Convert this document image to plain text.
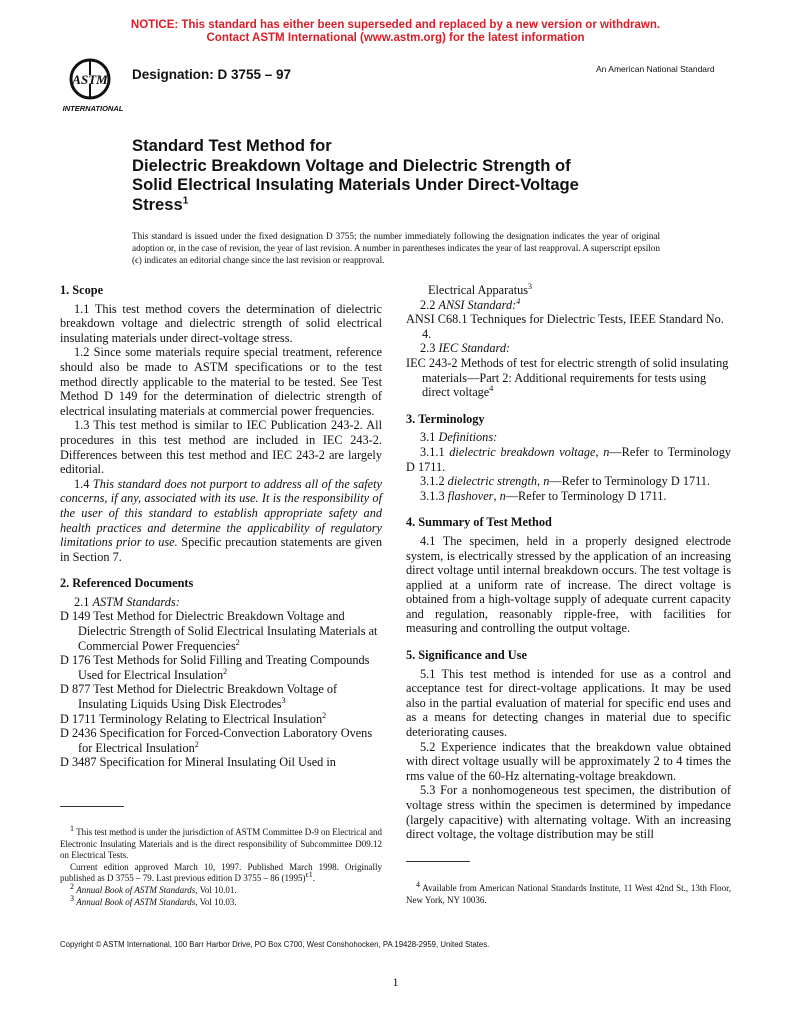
NOTICE: This standard has either been superseded and replaced by a new version or withdrawn.
Contact ASTM International (www.astm.org) for the latest information
ASTM
INTERNATIONAL
Designation: D 3755 – 97	An American National Standard
Standard Test Method for
Dielectric Breakdown Voltage and Dielectric Strength of
Solid Electrical Insulating Materials Under Direct-Voltage
Stress$^1$
This standard is issued under the fixed designation D 3755; the number immediately following the designation indicates the year of original adoption or, in the case of revision, the year of last revision. A number in parentheses indicates the year of last reapproval. A superscript epsilon (ϵ) indicates an editorial change since the last revision or reapproval.
1. Scope

1.1 This test method covers the determination of dielectric breakdown voltage and dielectric strength of solid electrical insulating materials under direct-voltage stress.

1.2 Since some materials require special treatment, reference should also be made to ASTM specifications or to the test method directly applicable to the material to be tested. See Test Method D 149 for the determination of dielectric strength of electrical insulating materials at commercial power frequencies.

1.3 This test method is similar to IEC Publication 243-2. All procedures in this test method are included in IEC 243-2. Differences between this test method and IEC 243-2 are largely editorial.

1.4 This standard does not purport to address all of the safety concerns, if any, associated with its use. It is the responsibility of the user of this standard to establish appropriate safety and health practices and determine the applicability of regulatory limitations prior to use. Specific precaution statements are given in Section 7.

2. Referenced Documents

2.1 ASTM Standards:

D 149 Test Method for Dielectric Breakdown Voltage and Dielectric Strength of Solid Electrical Insulating Materials at Commercial Power Frequencies$^2$

D 176 Test Methods for Solid Filling and Treating Compounds Used for Electrical Insulation$^2$

D 877 Test Method for Dielectric Breakdown Voltage of Insulating Liquids Using Disk Electrodes$^3$

D 1711 Terminology Relating to Electrical Insulation$^2$

D 2436 Specification for Forced-Convection Laboratory Ovens for Electrical Insulation$^2$

D 3487 Specification for Mineral Insulating Oil Used in

$^1$ This test method is under the jurisdiction of ASTM Committee D-9 on Electrical and Electronic Insulating Materials and is the direct responsibility of Subcommittee D09.12 on Electrical Tests.

Current edition approved March 10, 1997. Published March 1998. Originally published as D 3755 – 79. Last previous edition D 3755 – 86 $(1995)^{\epsilon 1}$.

$^2$ Annual Book of ASTM Standards, Vol 10.01.

$^3$ Annual Book of ASTM Standards, Vol 10.03.

Electrical Apparatus$^3$

2.2 ANSI Standard:$^4$

ANSI C68.1 Techniques for Dielectric Tests, IEEE Standard No. 4.

2.3 IEC Standard:

IEC 243-2 Methods of test for electric strength of solid insulating materials—Part 2: Additional requirements for tests using direct voltage$^4$

3. Terminology

3.1 Definitions:

3.1.1 dielectric breakdown voltage, n—Refer to Terminology D 1711.

3.1.2 dielectric strength, n—Refer to Terminology D 1711.

3.1.3 flashover, n—Refer to Terminology D 1711.

4. Summary of Test Method

4.1 The specimen, held in a properly designed electrode system, is electrically stressed by the application of an increasing direct voltage until internal breakdown occurs. The test voltage is applied at a uniform rate of increase. The direct voltage is obtained from a high-voltage supply of adequate current capacity and regulation, reasonably ripple-free, with facilities for measuring and controlling the output voltage.

5. Significance and Use

5.1 This test method is intended for use as a control and acceptance test for direct-voltage applications. It may be used also in the partial evaluation of material for specific end uses and as a means for detecting changes in material due to specific deteriorating causes.

5.2 Experience indicates that the breakdown value obtained with direct voltage usually will be approximately 2 to 4 times the rms value of the 60-Hz alternating-voltage breakdown.

5.3 For a nonhomogeneous test specimen, the distribution of voltage stress within the specimen is determined by impedance (largely capacitive) with alternating voltage. With an increasing direct voltage, the voltage distribution may be still

$^4$ Available from American National Standards Institute, 11 West 42nd St., 13th Floor, New York, NY 10036.

Copyright © ASTM International, 100 Barr Harbor Drive, PO Box C700, West Conshohocken, PA 19428-2959, United States.
1
